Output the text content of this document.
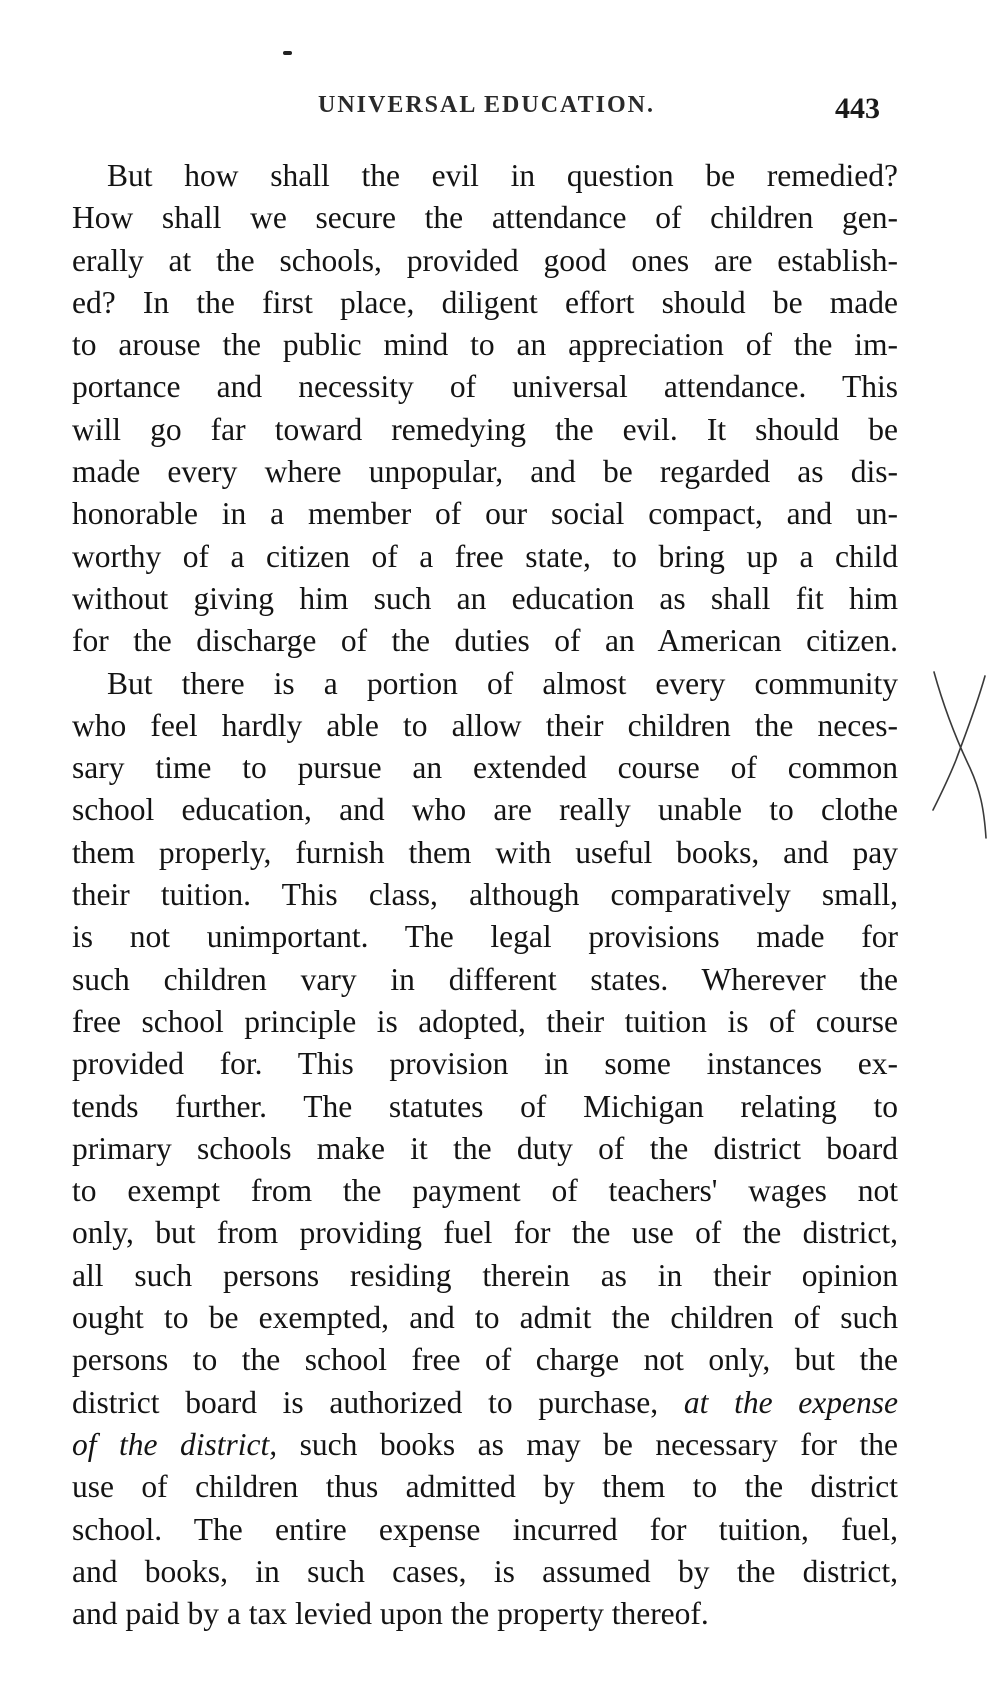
UNIVERSAL EDUCATION.	443
But how shall the evil in question be remedied?
How shall we secure the attendance of children gen-
erally at the schools, provided good ones are establish-
ed? In the first place, diligent effort should be made
to arouse the public mind to an appreciation of the im-
portance and necessity of universal attendance. This
will go far toward remedying the evil. It should be
made every where unpopular, and be regarded as dis-
honorable in a member of our social compact, and un-
worthy of a citizen of a free state, to bring up a child
without giving him such an education as shall fit him
for the discharge of the duties of an American citizen.
But there is a portion of almost every community
who feel hardly able to allow their children the neces-
sary time to pursue an extended course of common
school education, and who are really unable to clothe
them properly, furnish them with useful books, and pay
their tuition. This class, although comparatively small,
is not unimportant. The legal provisions made for
such children vary in different states. Wherever the
free school principle is adopted, their tuition is of course
provided for. This provision in some instances ex-
tends further. The statutes of Michigan relating to
primary schools make it the duty of the district board
to exempt from the payment of teachers' wages not
only, but from providing fuel for the use of the district,
all such persons residing therein as in their opinion
ought to be exempted, and to admit the children of such
persons to the school free of charge not only, but the
district board is authorized to purchase, at the expense
of the district, such books as may be necessary for the
use of children thus admitted by them to the district
school. The entire expense incurred for tuition, fuel,
and books, in such cases, is assumed by the district,
and paid by a tax levied upon the property thereof.
